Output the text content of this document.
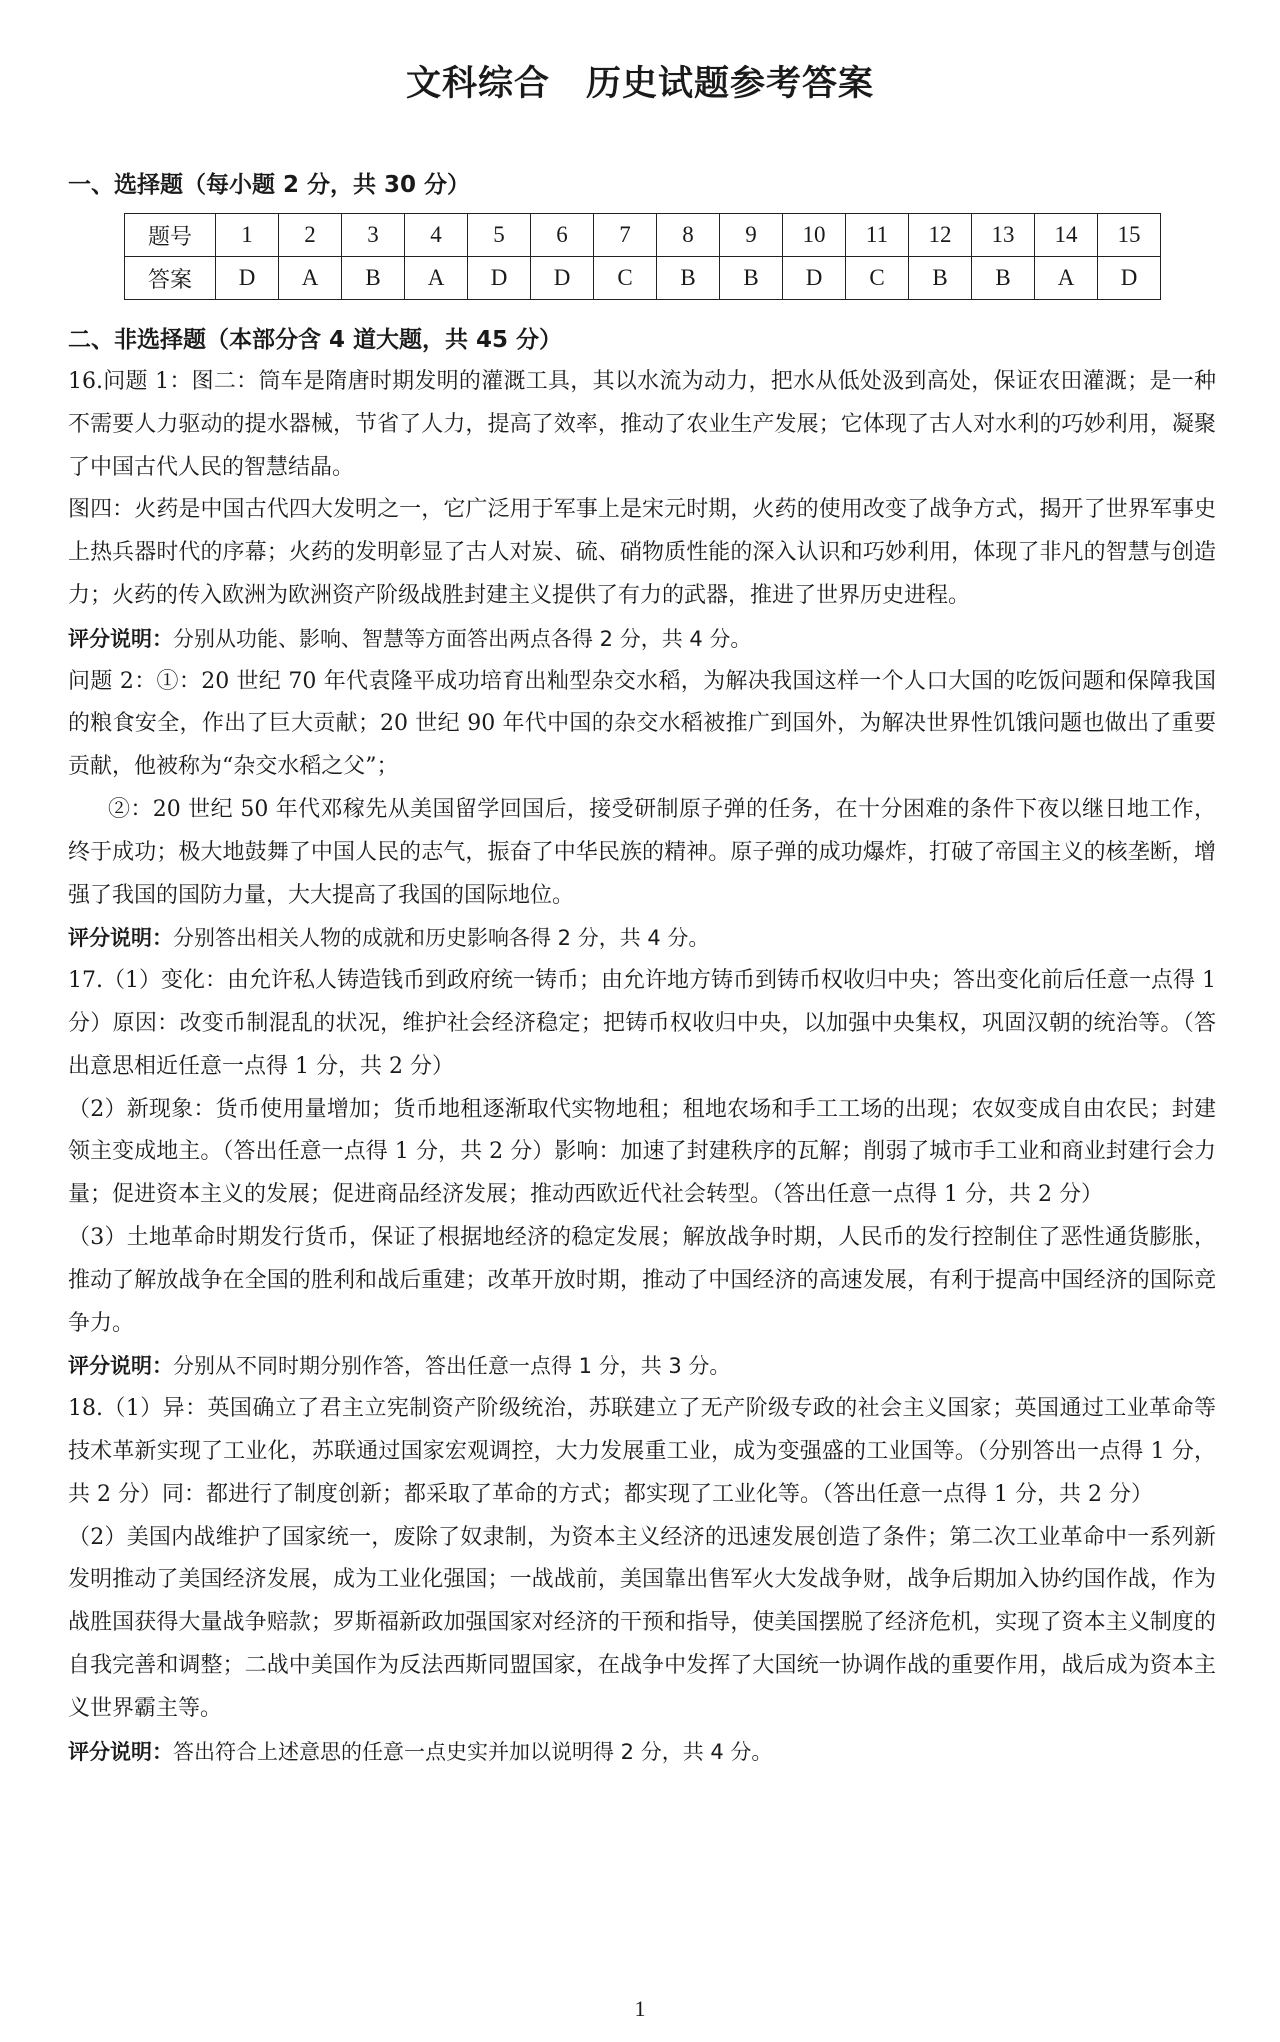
文科综合　历史试题参考答案
一、选择题（每小题 2 分，共 30 分）
题号	1	2	3	4	5	6	7	8	9	10	11	12	13	14	15
答案	D	A	B	A	D	D	C	B	B	D	C	B	B	A	D
二、非选择题（本部分含 4 道大题，共 45 分）

16.问题 1：图二：筒车是隋唐时期发明的灌溉工具，其以水流为动力，把水从低处汲到高处，保证农田灌溉；是一种不需要人力驱动的提水器械，节省了人力，提高了效率，推动了农业生产发展；它体现了古人对水利的巧妙利用，凝聚了中国古代人民的智慧结晶。

图四：火药是中国古代四大发明之一，它广泛用于军事上是宋元时期，火药的使用改变了战争方式，揭开了世界军事史上热兵器时代的序幕；火药的发明彰显了古人对炭、硫、硝物质性能的深入认识和巧妙利用，体现了非凡的智慧与创造力；火药的传入欧洲为欧洲资产阶级战胜封建主义提供了有力的武器，推进了世界历史进程。

评分说明：分别从功能、影响、智慧等方面答出两点各得 2 分，共 4 分。

问题 2：①：20 世纪 70 年代袁隆平成功培育出籼型杂交水稻，为解决我国这样一个人口大国的吃饭问题和保障我国的粮食安全，作出了巨大贡献；20 世纪 90 年代中国的杂交水稻被推广到国外，为解决世界性饥饿问题也做出了重要贡献，他被称为“杂交水稻之父”；

②：20 世纪 50 年代邓稼先从美国留学回国后，接受研制原子弹的任务，在十分困难的条件下夜以继日地工作，终于成功；极大地鼓舞了中国人民的志气，振奋了中华民族的精神。原子弹的成功爆炸，打破了帝国主义的核垄断，增强了我国的国防力量，大大提高了我国的国际地位。

评分说明：分别答出相关人物的成就和历史影响各得 2 分，共 4 分。

17.（1）变化：由允许私人铸造钱币到政府统一铸币；由允许地方铸币到铸币权收归中央；答出变化前后任意一点得 1 分）原因：改变币制混乱的状况，维护社会经济稳定；把铸币权收归中央，以加强中央集权，巩固汉朝的统治等。（答出意思相近任意一点得 1 分，共 2 分）

（2）新现象：货币使用量增加；货币地租逐渐取代实物地租；租地农场和手工工场的出现；农奴变成自由农民；封建领主变成地主。（答出任意一点得 1 分，共 2 分）影响：加速了封建秩序的瓦解；削弱了城市手工业和商业封建行会力量；促进资本主义的发展；促进商品经济发展；推动西欧近代社会转型。（答出任意一点得 1 分，共 2 分）

（3）土地革命时期发行货币，保证了根据地经济的稳定发展；解放战争时期，人民币的发行控制住了恶性通货膨胀，推动了解放战争在全国的胜利和战后重建；改革开放时期，推动了中国经济的高速发展，有利于提高中国经济的国际竞争力。

评分说明：分别从不同时期分别作答，答出任意一点得 1 分，共 3 分。

18.（1）异：英国确立了君主立宪制资产阶级统治，苏联建立了无产阶级专政的社会主义国家；英国通过工业革命等技术革新实现了工业化，苏联通过国家宏观调控，大力发展重工业，成为变强盛的工业国等。（分别答出一点得 1 分，共 2 分）同：都进行了制度创新；都采取了革命的方式；都实现了工业化等。（答出任意一点得 1 分，共 2 分）

（2）美国内战维护了国家统一，废除了奴隶制，为资本主义经济的迅速发展创造了条件；第二次工业革命中一系列新发明推动了美国经济发展，成为工业化强国；一战战前，美国靠出售军火大发战争财，战争后期加入协约国作战，作为战胜国获得大量战争赔款；罗斯福新政加强国家对经济的干预和指导，使美国摆脱了经济危机，实现了资本主义制度的自我完善和调整；二战中美国作为反法西斯同盟国家，在战争中发挥了大国统一协调作战的重要作用，战后成为资本主义世界霸主等。

评分说明：答出符合上述意思的任意一点史实并加以说明得 2 分，共 4 分。

1
